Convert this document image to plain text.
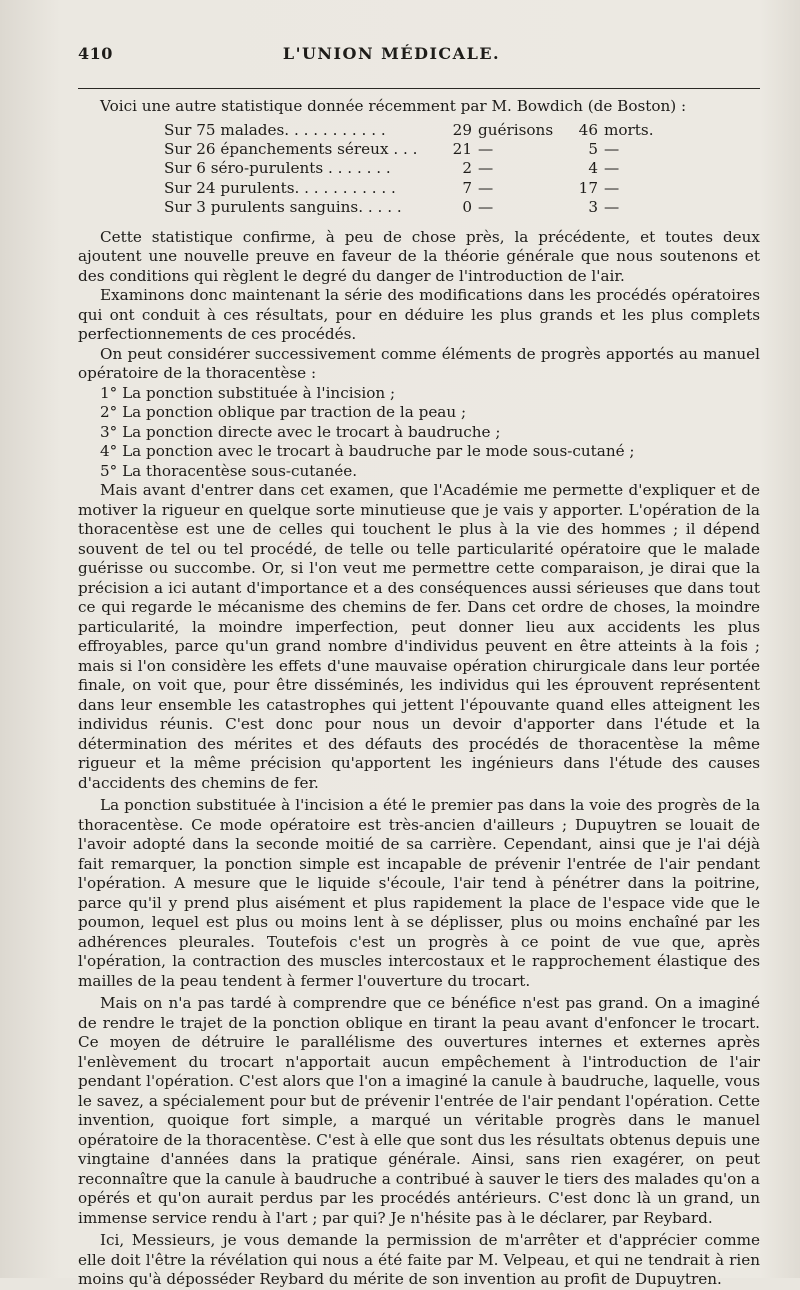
410	L'UNION MÉDICALE.

Voici une autre statistique donnée récemment par M. Bowdich (de Boston) :

Sur 75 malades. . . . . . . . . . .	29 guérisons	46 morts.
Sur 26 épanchements séreux . . .	21 —	5 —
Sur 6 séro-purulents . . . . . . .	2 —	4 —
Sur 24 purulents. . . . . . . . . . .	7 —	17 —
Sur 3 purulents sanguins. . . . .	0 —	3 —

Cette statistique confirme, à peu de chose près, la précédente, et toutes deux ajoutent une nouvelle preuve en faveur de la théorie générale que nous soutenons et des conditions qui règlent le degré du danger de l'introduction de l'air.

Examinons donc maintenant la série des modifications dans les procédés opératoires qui ont conduit à ces résultats, pour en déduire les plus grands et les plus complets perfectionnements de ces procédés.

On peut considérer successivement comme éléments de progrès apportés au manuel opératoire de la thoracentèse :

1° La ponction substituée à l'incision ;
2° La ponction oblique par traction de la peau ;
3° La ponction directe avec le trocart à baudruche ;
4° La ponction avec le trocart à baudruche par le mode sous-cutané ;
5° La thoracentèse sous-cutanée.

Mais avant d'entrer dans cet examen, que l'Académie me permette d'expliquer et de motiver la rigueur en quelque sorte minutieuse que je vais y apporter. L'opération de la thoracentèse est une de celles qui touchent le plus à la vie des hommes ; il dépend souvent de tel ou tel procédé, de telle ou telle particularité opératoire que le malade guérisse ou succombe. Or, si l'on veut me permettre cette comparaison, je dirai que la précision a ici autant d'importance et a des conséquences aussi sérieuses que dans tout ce qui regarde le mécanisme des chemins de fer. Dans cet ordre de choses, la moindre particularité, la moindre imperfection, peut donner lieu aux accidents les plus effroyables, parce qu'un grand nombre d'individus peuvent en être atteints à la fois ; mais si l'on considère les effets d'une mauvaise opération chirurgicale dans leur portée finale, on voit que, pour être disséminés, les individus qui les éprouvent représentent dans leur ensemble les catastrophes qui jettent l'épouvante quand elles atteignent les individus réunis. C'est donc pour nous un devoir d'apporter dans l'étude et la détermination des mérites et des défauts des procédés de thoracentèse la même rigueur et la même précision qu'apportent les ingénieurs dans l'étude des causes d'accidents des chemins de fer.

La ponction substituée à l'incision a été le premier pas dans la voie des progrès de la thoracentèse. Ce mode opératoire est très-ancien d'ailleurs ; Dupuytren se louait de l'avoir adopté dans la seconde moitié de sa carrière. Cependant, ainsi que je l'ai déjà fait remarquer, la ponction simple est incapable de prévenir l'entrée de l'air pendant l'opération. A mesure que le liquide s'écoule, l'air tend à pénétrer dans la poitrine, parce qu'il y prend plus aisément et plus rapidement la place de l'espace vide que le poumon, lequel est plus ou moins lent à se déplisser, plus ou moins enchaîné par les adhérences pleurales. Toutefois c'est un progrès à ce point de vue que, après l'opération, la contraction des muscles intercostaux et le rapprochement élastique des mailles de la peau tendent à fermer l'ouverture du trocart.

Mais on n'a pas tardé à comprendre que ce bénéfice n'est pas grand. On a imaginé de rendre le trajet de la ponction oblique en tirant la peau avant d'enfoncer le trocart. Ce moyen de détruire le parallélisme des ouvertures internes et externes après l'enlèvement du trocart n'apportait aucun empêchement à l'introduction de l'air pendant l'opération. C'est alors que l'on a imaginé la canule à baudruche, laquelle, vous le savez, a spécialement pour but de prévenir l'entrée de l'air pendant l'opération. Cette invention, quoique fort simple, a marqué un véritable progrès dans le manuel opératoire de la thoracentèse. C'est à elle que sont dus les résultats obtenus depuis une vingtaine d'années dans la pratique générale. Ainsi, sans rien exagérer, on peut reconnaître que la canule à baudruche a contribué à sauver le tiers des malades qu'on a opérés et qu'on aurait perdus par les procédés antérieurs. C'est donc là un grand, un immense service rendu à l'art ; par qui? Je n'hésite pas à le déclarer, par Reybard.

Ici, Messieurs, je vous demande la permission de m'arrêter et d'apprécier comme elle doit l'être la révélation qui nous a été faite par M. Velpeau, et qui ne tendrait à rien moins qu'à déposséder Reybard du mérite de son invention au profit de Dupuytren.
